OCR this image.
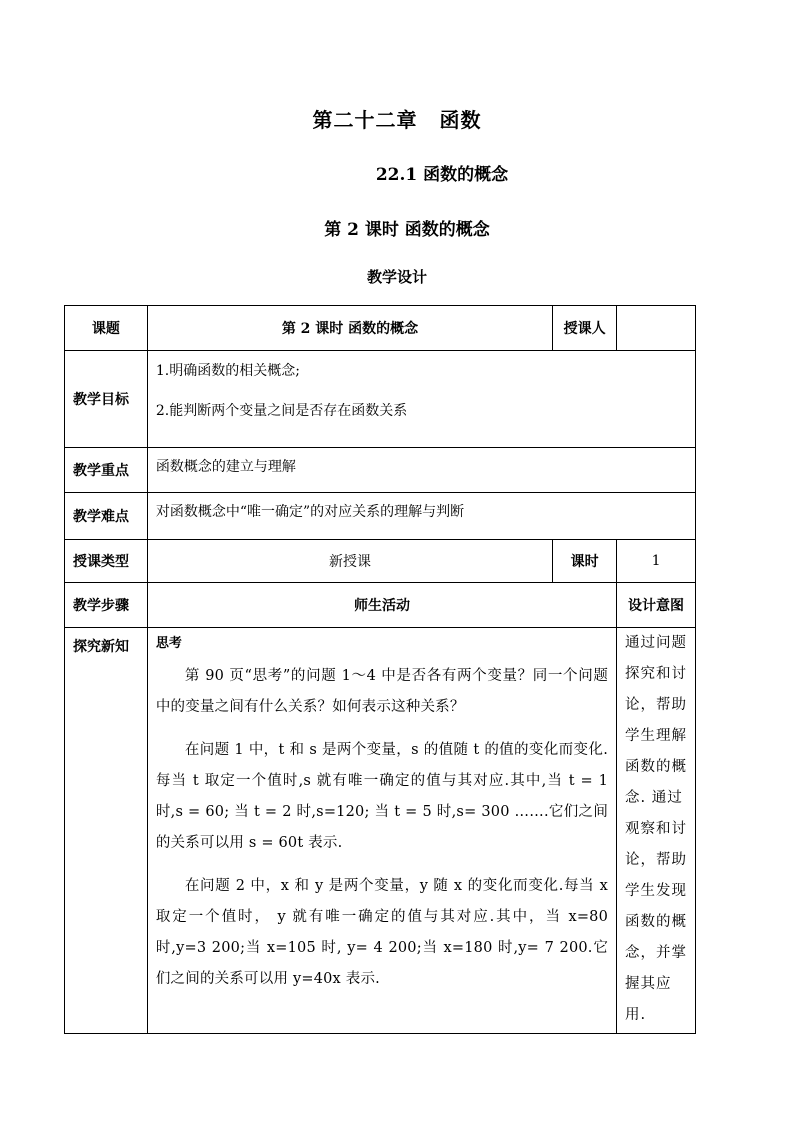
第二十二章 函数
22.1 函数的概念
第 2 课时 函数的概念
教学设计
课题	第 2 课时 函数的概念	授课人	
教学目标	1.明确函数的相关概念;
2.能判断两个变量之间是否存在函数关系		

教学重点	函数概念的建立与理解		

教学难点	对函数概念中“唯一确定”的对应关系的理解与判断		

授课类型	新授课	课时	1
教学步骤	师生活动		设计意图
探究新知	思考

第 90 页“思考”的问题 1～4 中是否各有两个变量？同一个问题中的变量之间有什么关系？如何表示这种关系？

在问题 1 中，t 和 s 是两个变量，s 的值随 t 的值的变化而变化.每当 t 取定一个值时,s 就有唯一确定的值与其对应.其中,当 t = 1 时,s = 60; 当 t = 2 时,s=120; 当 t = 5 时,s= 300 …….它们之间的关系可以用 s = 60t 表示.

在问题 2 中，x 和 y 是两个变量，y 随 x 的变化而变化.每当 x 取定一个值时， y 就有唯一确定的值与其对应.其中，当 x=80 时,y=3 200;当 x=105 时, y= 4 200;当 x=180 时,y= 7 200.它们之间的关系可以用 y=40x 表示.		通过问题探究和讨论，帮助学生理解函数的概念. 通过观察和讨论，帮助学生发现函数的概念，并掌握其应用.
